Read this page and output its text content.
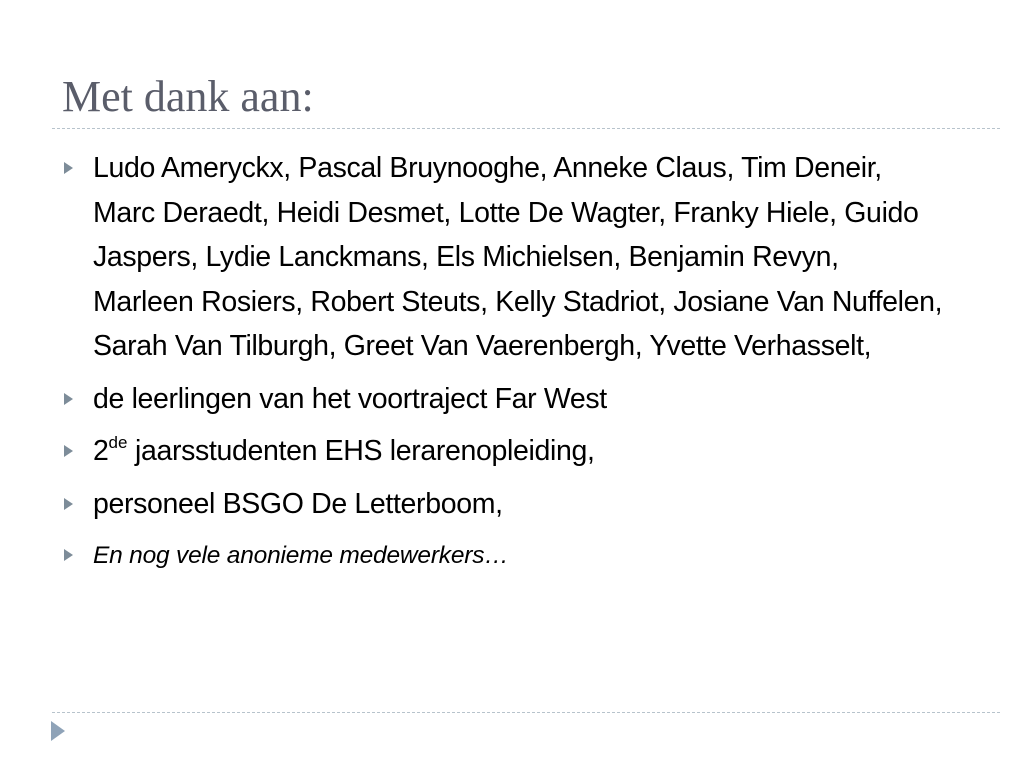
Met dank aan:
Ludo Ameryckx, Pascal Bruynooghe, Anneke Claus, Tim Deneir, Marc Deraedt, Heidi Desmet, Lotte De Wagter, Franky Hiele, Guido Jaspers, Lydie Lanckmans, Els Michielsen, Benjamin Revyn, Marleen Rosiers, Robert Steuts, Kelly Stadriot, Josiane Van Nuffelen, Sarah Van Tilburgh, Greet Van Vaerenbergh, Yvette Verhasselt,
de leerlingen van het voortraject Far West
2de jaarsstudenten EHS lerarenopleiding,
personeel BSGO De Letterboom,
En nog vele anonieme medewerkers…
